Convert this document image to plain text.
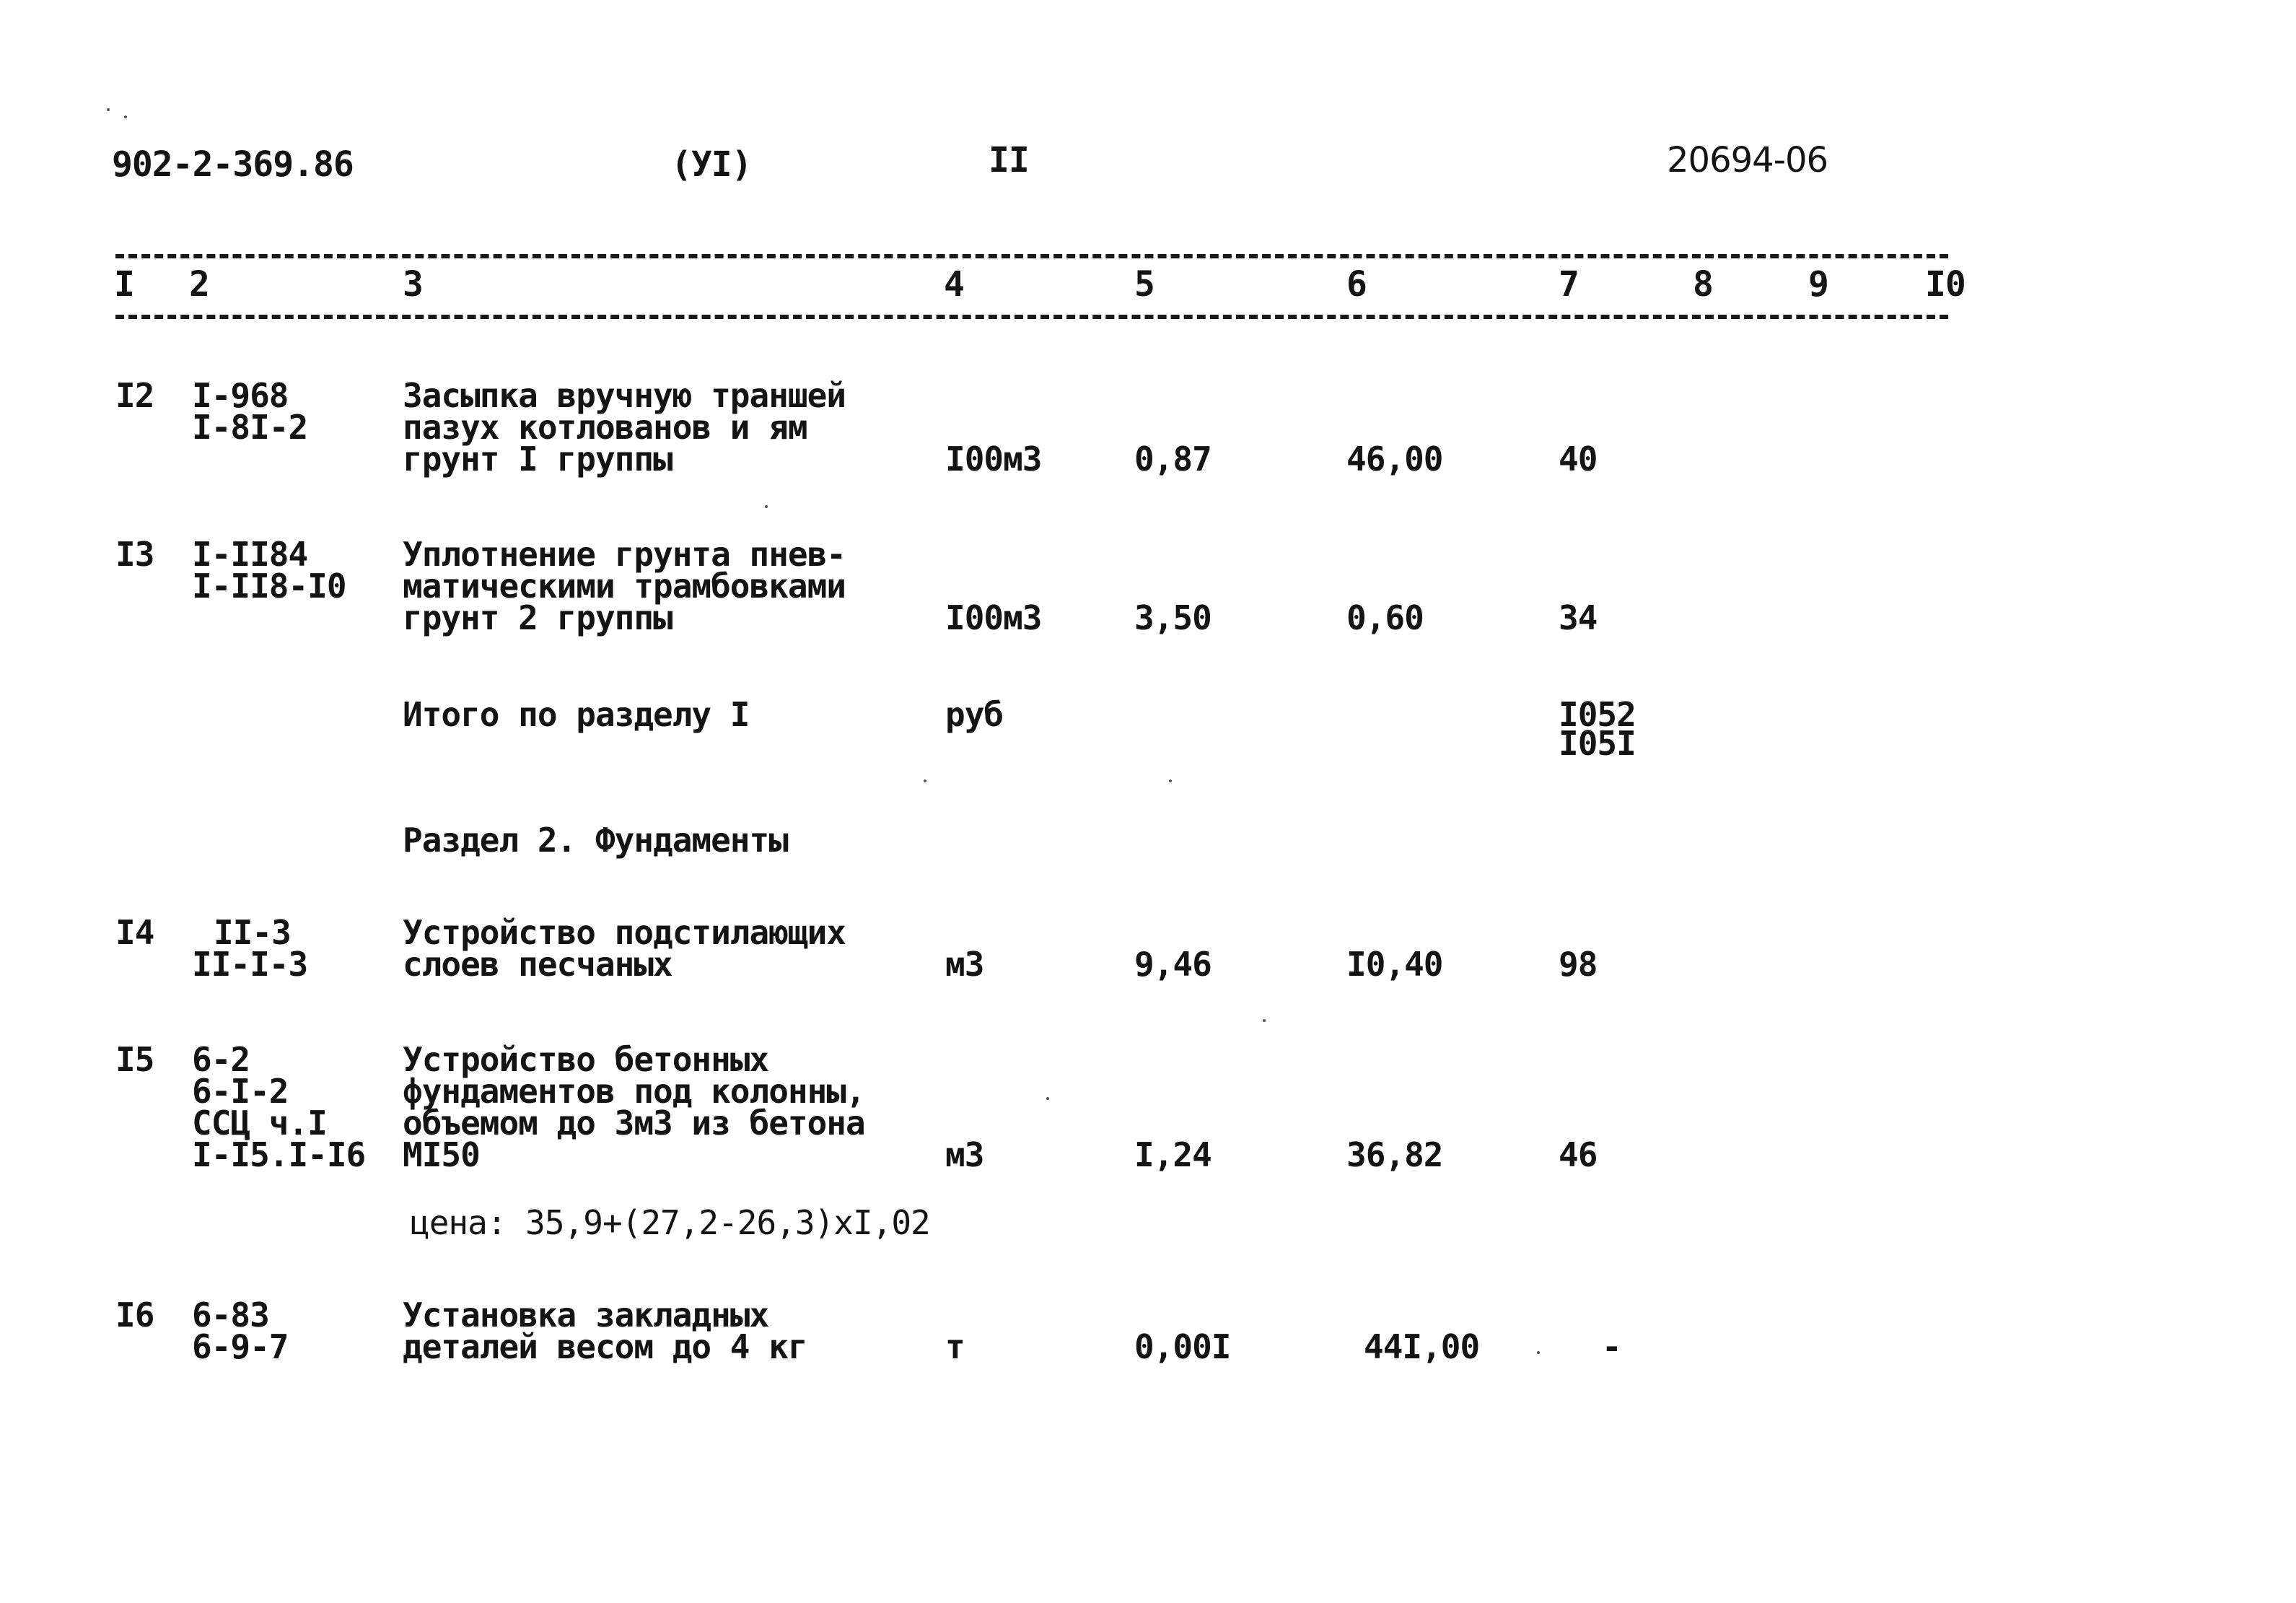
902-2-369.86	(УI)	II	20694-06
I 2	3	4	5	6	7	8	9	I0
I2 I-968
I-8I-2
Засыпка вручную траншей
пазух котлованов и ям
грунт I группы	I00м3	0,87	46,00	40
I3 I-II84
I-II8-I0
Уплотнение грунта пнев-
матическими трамбовками
грунт 2 группы	I00м3	3,50	0,60	34
Итого по разделу I	руб	I052
I05I
Раздел 2. Фундаменты
I4 II-3
II-I-3
Устройство подстилающих
слоев песчаных	м3	9,46	I0,40	98
I5 6-2
6-I-2
ССЦ ч.I
I-I5.I-I6
Устройство бетонных
фундаментов под колонны,
объемом до 3м3 из бетона
МI50	м3	I,24	36,82	46
цена: 35,9+(27,2-26,3)хI,02
I6 6-83
6-9-7
Установка закладных
деталей весом до 4 кг	т	0,00I	44I,00	-
